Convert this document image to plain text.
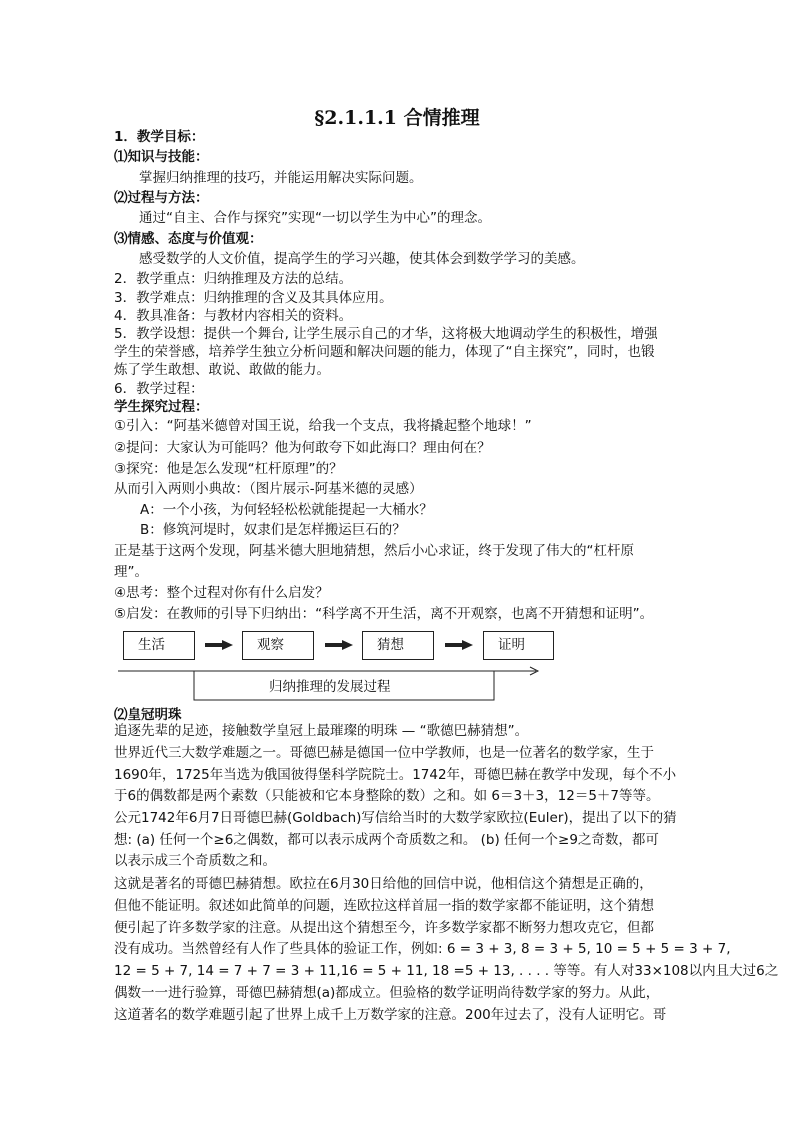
§2.1.1.1 合情推理
1．教学目标：
⑴知识与技能：
掌握归纳推理的技巧，并能运用解决实际问题。
⑵过程与方法：
通过“自主、合作与探究”实现“一切以学生为中心”的理念。
⑶情感、态度与价值观：
感受数学的人文价值，提高学生的学习兴趣，使其体会到数学学习的美感。
2．教学重点：归纳推理及方法的总结。
3．教学难点：归纳推理的含义及其具体应用。
4．教具准备：与教材内容相关的资料。
5．教学设想：提供一个舞台, 让学生展示自己的才华，这将极大地调动学生的积极性，增强
学生的荣誉感，培养学生独立分析问题和解决问题的能力，体现了“自主探究”，同时，也锻
炼了学生敢想、敢说、敢做的能力。
6．教学过程：
学生探究过程：
①引入：“阿基米德曾对国王说，给我一个支点，我将撬起整个地球！”
②提问：大家认为可能吗？他为何敢夸下如此海口？理由何在？
③探究：他是怎么发现“杠杆原理”的？
从而引入两则小典故：（图片展示-阿基米德的灵感）
A：一个小孩，为何轻轻松松就能提起一大桶水？
B：修筑河堤时，奴隶们是怎样搬运巨石的？
正是基于这两个发现，阿基米德大胆地猜想，然后小心求证，终于发现了伟大的“杠杆原
理”。
④思考：整个过程对你有什么启发？
⑤启发：在教师的引导下归纳出：“科学离不开生活，离不开观察，也离不开猜想和证明”。
生活	观察	猜想	证明
归纳推理的发展过程
⑵皇冠明珠
追逐先辈的足迹，接触数学皇冠上最璀璨的明珠 — “歌德巴赫猜想”。
世界近代三大数学难题之一。哥德巴赫是德国一位中学教师，也是一位著名的数学家，生于
1690年，1725年当选为俄国彼得堡科学院院士。1742年，哥德巴赫在教学中发现，每个不小
于6的偶数都是两个素数（只能被和它本身整除的数）之和。如 6＝3＋3，12＝5＋7等等。
公元1742年6月7日哥德巴赫(Goldbach)写信给当时的大数学家欧拉(Euler)，提出了以下的猜
想: (a) 任何一个≥6之偶数，都可以表示成两个奇质数之和。 (b) 任何一个≥9之奇数，都可
以表示成三个奇质数之和。
这就是著名的哥德巴赫猜想。欧拉在6月30日给他的回信中说，他相信这个猜想是正确的，
但他不能证明。叙述如此简单的问题，连欧拉这样首屈一指的数学家都不能证明，这个猜想
便引起了许多数学家的注意。从提出这个猜想至今，许多数学家都不断努力想攻克它，但都
没有成功。当然曾经有人作了些具体的验证工作，例如: 6 = 3 + 3, 8 = 3 + 5, 10 = 5 + 5 = 3 + 7,
12 = 5 + 7, 14 = 7 + 7 = 3 + 11,16 = 5 + 11, 18 =5 + 13, . . . . 等等。有人对33×108以内且大过6之
偶数一一进行验算，哥德巴赫猜想(a)都成立。但验格的数学证明尚待数学家的努力。从此，
这道著名的数学难题引起了世界上成千上万数学家的注意。200年过去了，没有人证明它。哥
